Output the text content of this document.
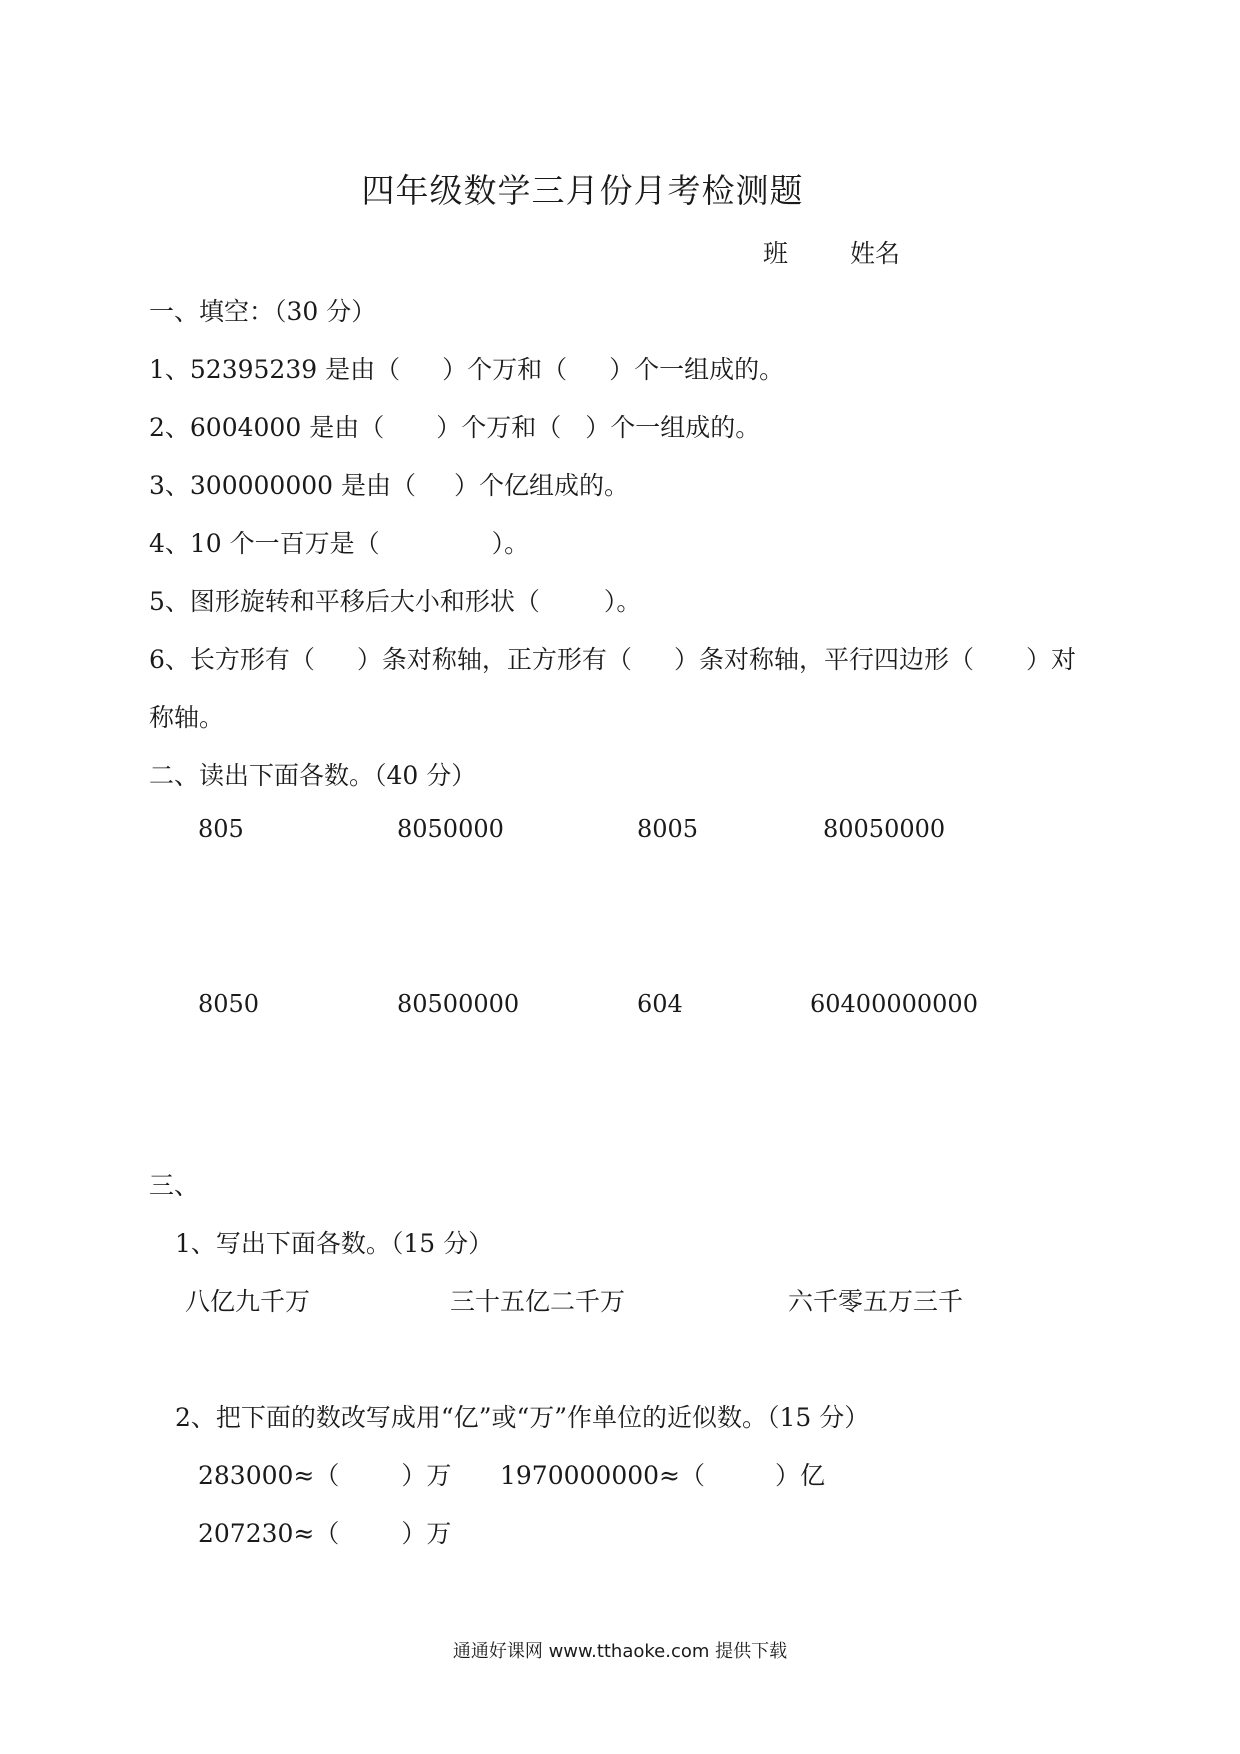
四年级数学三月份月考检测题
班 姓名
一、填空：（30 分）
1、52395239 是由（ ）个万和（ ）个一组成的。
2、6004000 是由（ ）个万和（ ）个一组成的。
3、300000000 是由（ ）个亿组成的。
4、10 个一百万是（	）。
5、图形旋转和平移后大小和形状（	）。
6、长方形有（ ）条对称轴，正方形有（ ）条对称轴，平行四边形（ ）对
称轴。
二、读出下面各数。（40 分）
805	8050000	8005	80050000
8050	80500000	604	60400000000
三、
1、写出下面各数。（15 分）
八亿九千万	三十五亿二千万	六千零五万三千
2、把下面的数改写成用“亿”或“万”作单位的近似数。（15 分）
283000≈（ ）万 1970000000≈（	）亿
207230≈（ ）万
通通好课网 www.tthaoke.com 提供下载
